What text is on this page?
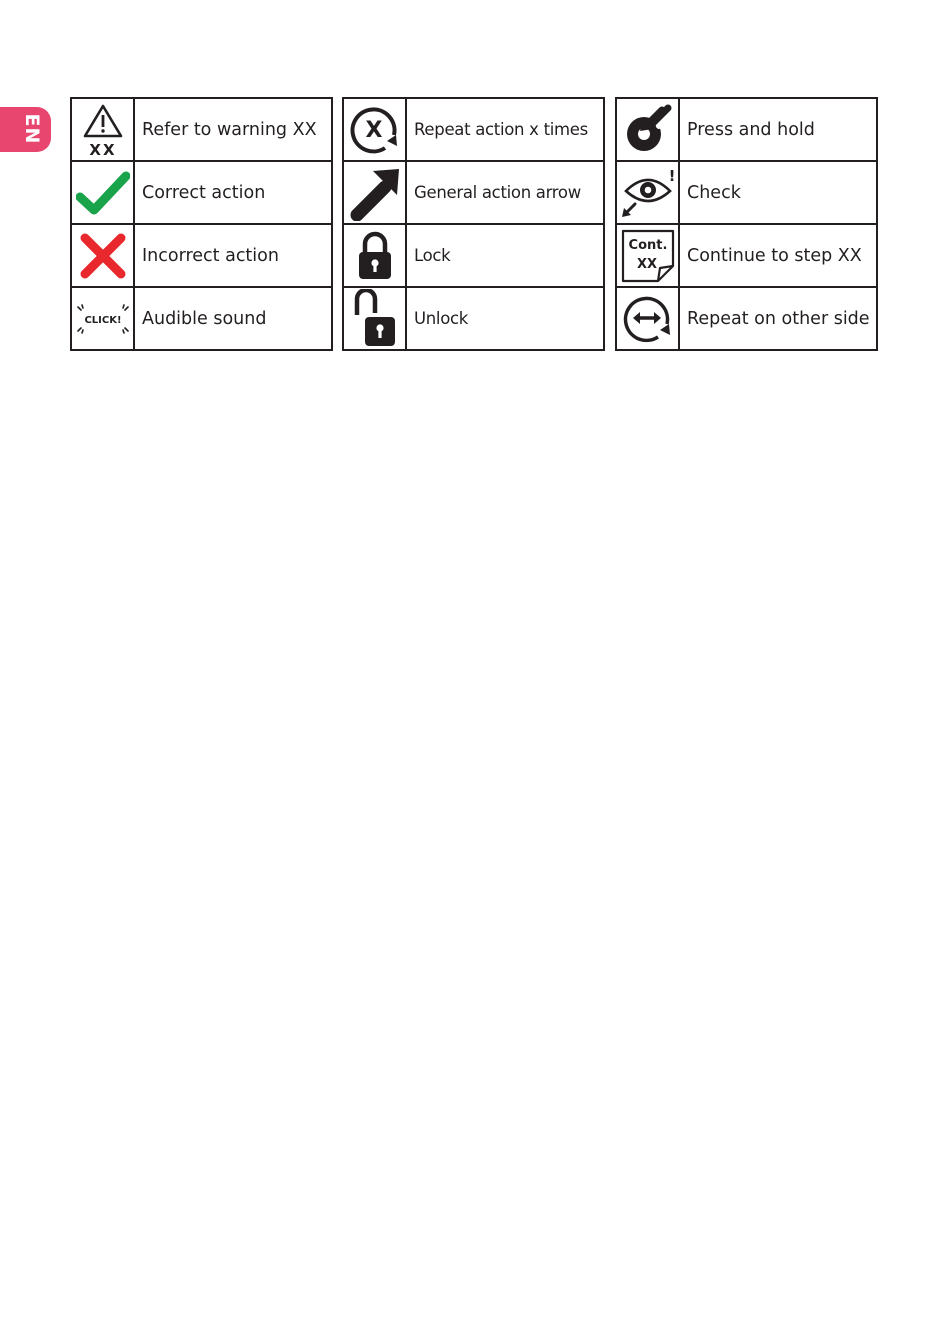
EN
XX	Refer to warning XX

	Correct action

	Incorrect action

CLICK!	Audible sound
X	Repeat action x times

	General action arrow

	Lock

	Unlock
	Press and hold

!	Check

Cont.
XX	Continue to step XX

	Repeat on other side
